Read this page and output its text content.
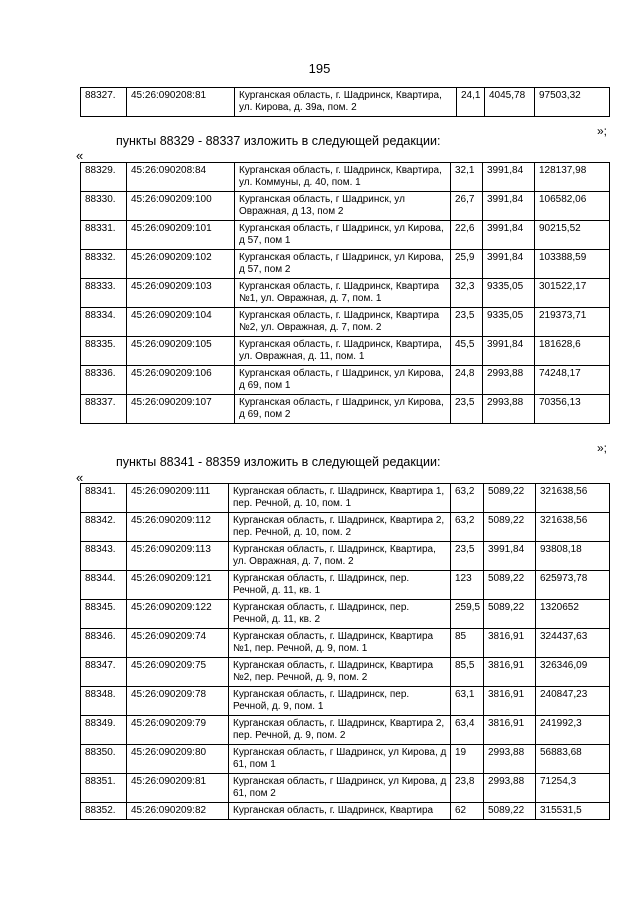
195
88327.	45:26:090208:81	Курганская область, г. Шадринск, Квартира, ул. Кирова, д. 39а, пом. 2	24,1	4045,78	97503,32
»;
пункты 88329 - 88337 изложить в следующей редакции:
«
88329.	45:26:090208:84	Курганская область, г. Шадринск, Квартира, ул. Коммуны, д. 40, пом. 1	32,1	3991,84	128137,98
88330.	45:26:090209:100	Курганская область, г Шадринск, ул Овражная, д 13, пом 2	26,7	3991,84	106582,06
88331.	45:26:090209:101	Курганская область, г Шадринск, ул Кирова, д 57, пом 1	22,6	3991,84	90215,52
88332.	45:26:090209:102	Курганская область, г Шадринск, ул Кирова, д 57, пом 2	25,9	3991,84	103388,59
88333.	45:26:090209:103	Курганская область, г. Шадринск, Квартира №1, ул. Овражная, д. 7, пом. 1	32,3	9335,05	301522,17
88334.	45:26:090209:104	Курганская область, г. Шадринск, Квартира №2, ул. Овражная, д. 7, пом. 2	23,5	9335,05	219373,71
88335.	45:26:090209:105	Курганская область, г. Шадринск, Квартира, ул. Овражная, д. 11, пом. 1	45,5	3991,84	181628,6
88336.	45:26:090209:106	Курганская область, г Шадринск, ул Кирова, д 69, пом 1	24,8	2993,88	74248,17
88337.	45:26:090209:107	Курганская область, г Шадринск, ул Кирова, д 69, пом 2	23,5	2993,88	70356,13
»;
пункты 88341 - 88359 изложить в следующей редакции:
«
88341.	45:26:090209:111	Курганская область, г. Шадринск, Квартира 1, пер. Речной, д. 10, пом. 1	63,2	5089,22	321638,56
88342.	45:26:090209:112	Курганская область, г. Шадринск, Квартира 2, пер. Речной, д. 10, пом. 2	63,2	5089,22	321638,56
88343.	45:26:090209:113	Курганская область, г. Шадринск, Квартира, ул. Овражная, д. 7, пом. 2	23,5	3991,84	93808,18
88344.	45:26:090209:121	Курганская область, г. Шадринск, пер. Речной, д. 11, кв. 1	123	5089,22	625973,78
88345.	45:26:090209:122	Курганская область, г. Шадринск, пер. Речной, д. 11, кв. 2	259,5	5089,22	1320652
88346.	45:26:090209:74	Курганская область, г. Шадринск, Квартира №1, пер. Речной, д. 9, пом. 1	85	3816,91	324437,63
88347.	45:26:090209:75	Курганская область, г. Шадринск, Квартира №2, пер. Речной, д. 9, пом. 2	85,5	3816,91	326346,09
88348.	45:26:090209:78	Курганская область, г. Шадринск, пер. Речной, д. 9, пом. 1	63,1	3816,91	240847,23
88349.	45:26:090209:79	Курганская область, г. Шадринск, Квартира 2, пер. Речной, д. 9, пом. 2	63,4	3816,91	241992,3
88350.	45:26:090209:80	Курганская область, г Шадринск, ул Кирова, д 61, пом 1	19	2993,88	56883,68
88351.	45:26:090209:81	Курганская область, г Шадринск, ул Кирова, д 61, пом 2	23,8	2993,88	71254,3
88352.	45:26:090209:82	Курганская область, г. Шадринск, Квартира	62	5089,22	315531,5
